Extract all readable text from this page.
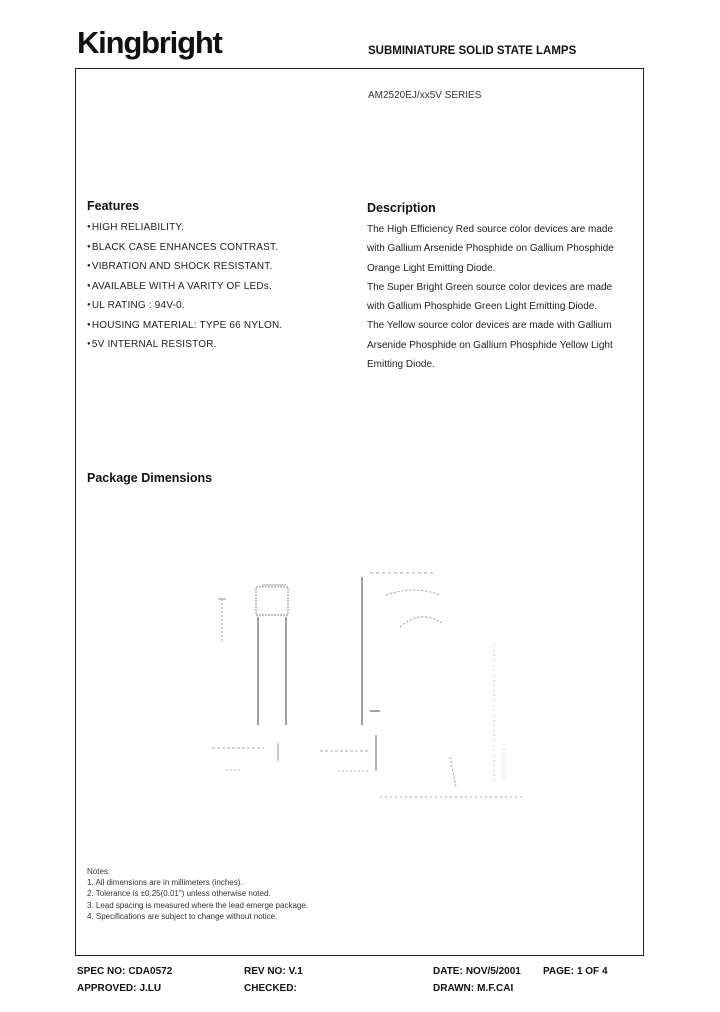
Kingbright	SUBMINIATURE SOLID STATE LAMPS
AM2520EJ/xx5V SERIES
Features
● HIGH RELIABILITY.
● BLACK CASE ENHANCES CONTRAST.
● VIBRATION AND SHOCK RESISTANT.
● AVAILABLE WITH A VARITY OF LEDs.
● UL RATING : 94V-0.
● HOUSING MATERIAL: TYPE 66 NYLON.
● 5V INTERNAL RESISTOR.
Description

The High Efficiency Red source color devices are made with Gallium Arsenide Phosphide on Gallium Phosphide Orange Light Emitting Diode.

The Super Bright Green source color devices are made with Gallium Phosphide Green Light Emitting Diode.

The Yellow source color devices are made with Gallium Arsenide Phosphide on Gallium Phosphide Yellow Light Emitting Diode.

Package Dimensions
Notes:
1. All dimensions are in millimeters (inches).
2. Tolerance is ±0.25(0.01") unless otherwise noted.
3. Lead spacing is measured where the lead emerge package.
4. Specifications are subject to change without notice.
SPEC NO: CDA0572	REV NO: V.1	DATE: NOV/5/2001 PAGE: 1 OF 4
APPROVED: J.LU	CHECKED:	DRAWN: M.F.CAI
